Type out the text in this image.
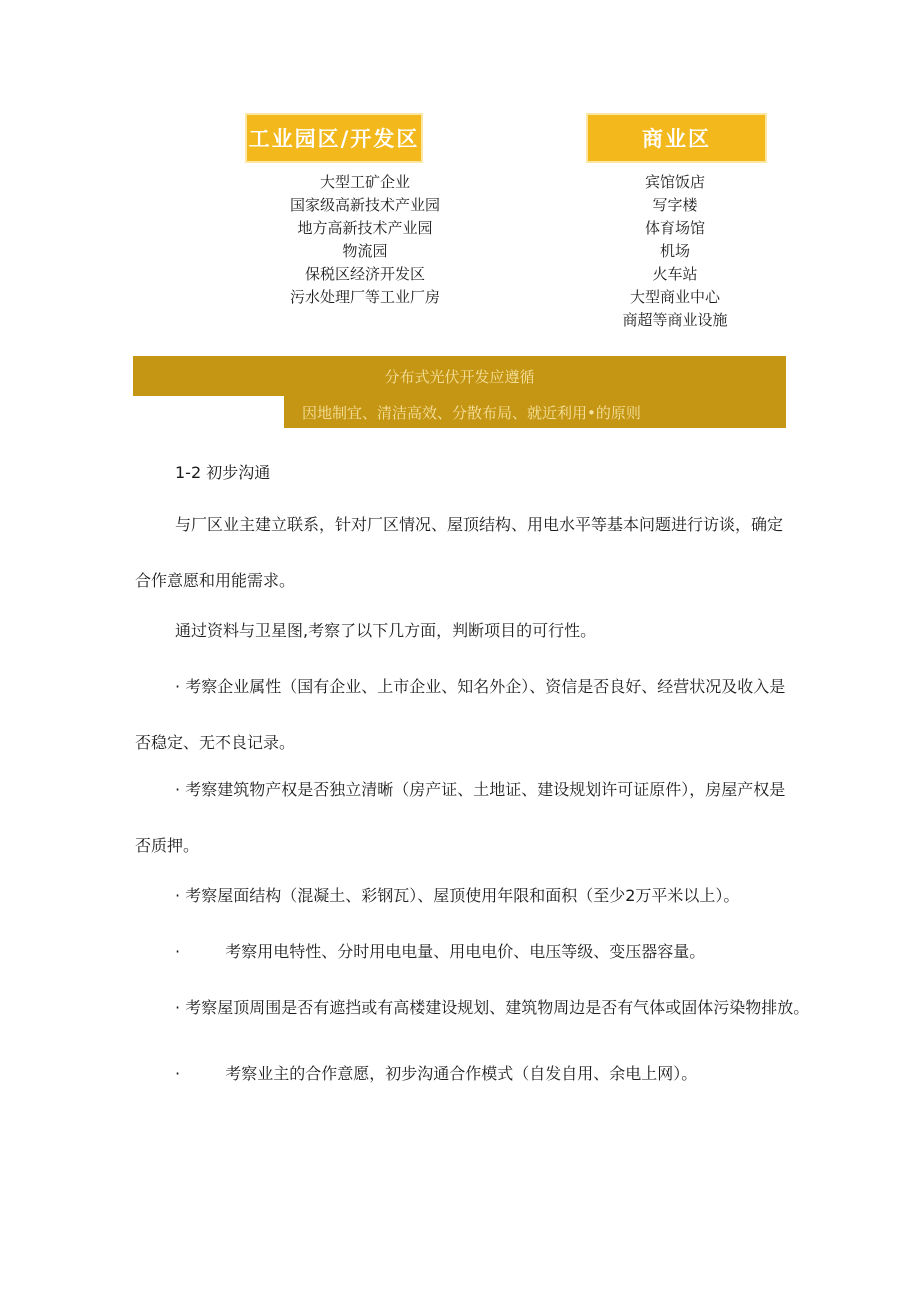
工业园区/开发区	商业区
大型工矿企业
国家级高新技术产业园
地方高新技术产业园
物流园
保税区经济开发区
污水处理厂等工业厂房
宾馆饭店
写字楼
体育场馆
机场
火车站
大型商业中心
商超等商业设施
分布式光伏开发应遵循
因地制宜、清洁高效、分散布局、就近利用•的原则

1-2 初步沟通

与厂区业主建立联系，针对厂区情况、屋顶结构、用电水平等基本问题进行访谈，确定合作意愿和用能需求。

通过资料与卫星图,考察了以下几方面，判断项目的可行性。

· 考察企业属性（国有企业、上市企业、知名外企）、资信是否良好、经营状况及收入是否稳定、无不良记录。

· 考察建筑物产权是否独立清晰（房产证、土地证、建设规划许可证原件），房屋产权是否质押。

· 考察屋面结构（混凝土、彩钢瓦）、屋顶使用年限和面积（至少2万平米以上）。

·	考察用电特性、分时用电电量、用电电价、电压等级、变压器容量。

· 考察屋顶周围是否有遮挡或有高楼建设规划、建筑物周边是否有气体或固体污染物排放。

·	考察业主的合作意愿，初步沟通合作模式（自发自用、余电上网）。
